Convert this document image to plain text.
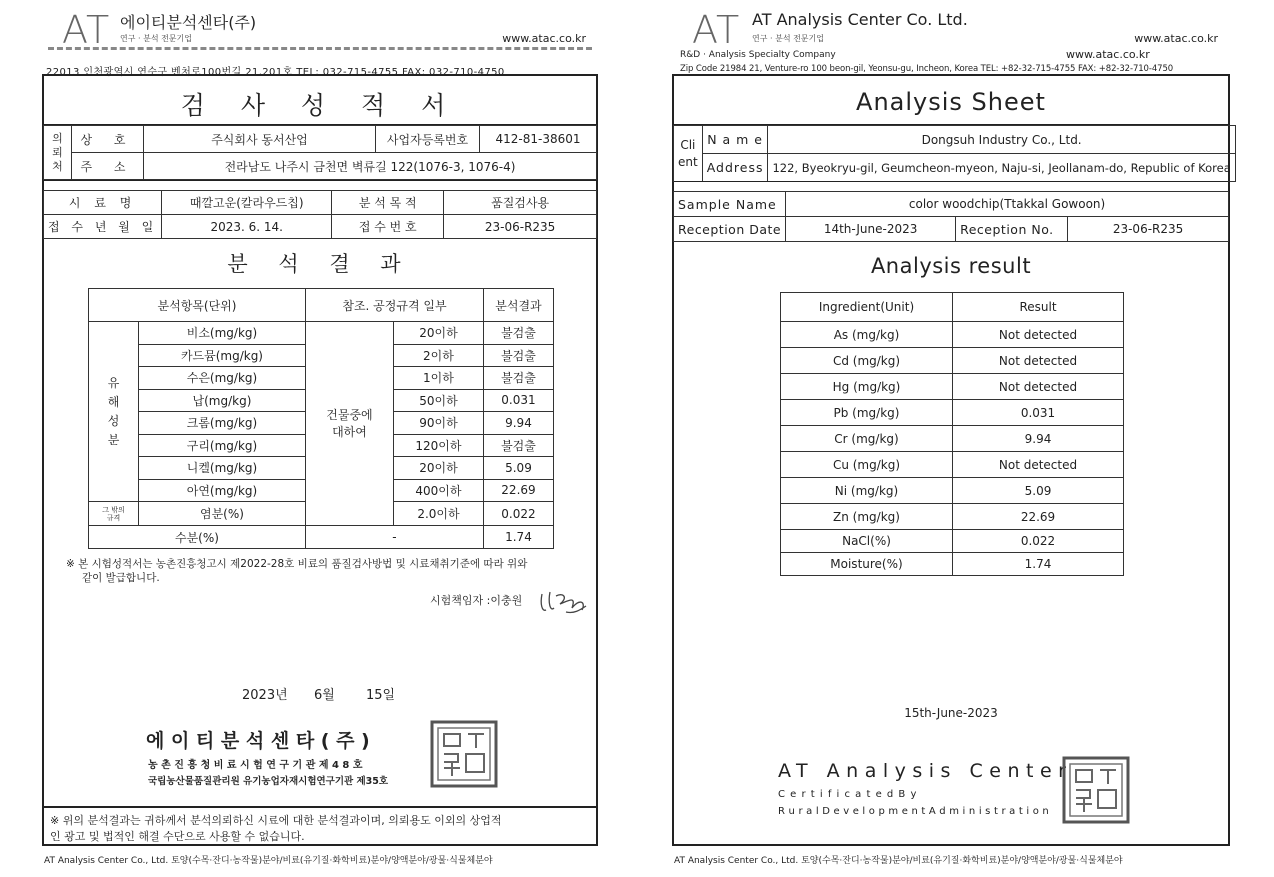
AT 에이티분석센타(주)
연구 · 분석 전문기업	www.atac.co.kr
22013 인천광역시 연수구 벤처로100번길 21,201호 TEL: 032-715-4755 FAX: 032-710-4750
검 사 성 적 서
의뢰처	상 호	주식회사 동서산업	사업자등록번호	412-81-38601
	주 소	전라남도 나주시 금천면 벽류길 122(1076-3, 1076-4)		
시 료 명	때깔고운(칼라우드칩)	분 석 목 적	품질검사용
접 수 년 월 일	2023. 6. 14.	접 수 번 호	23-06-R235
분 석 결 과
분석항목(단위)		참조. 공정규격 일부		분석결과
유 해 성 분	비소(mg/kg)	건물중에 대하여	20이하	불검출
	카드뮴(mg/kg)		2이하	불검출
	수은(mg/kg)		1이하	불검출
	납(mg/kg)		50이하	0.031
	크롬(mg/kg)		90이하	9.94
	구리(mg/kg)		120이하	불검출
	니켈(mg/kg)		20이하	5.09
	아연(mg/kg)		400이하	22.69
그 밖의 규격	염분(%)		2.0이하	0.022
수분(%)		-		1.74
※ 본 시험성적서는 농촌진흥청고시 제2022-28호 비료의 품질검사방법 및 시료채취기준에 따라 위와
같이 발급합니다.
시험책임자 :이충원
2023년 6월 15일
에 이 티 분 석 센 타 ( 주 )
농 촌 진 흥 청 비 료 시 험 연 구 기 관 제 4 8 호
국립농산물품질관리원 유기농업자재시험연구기관 제35호
※ 위의 분석결과는 귀하께서 분석의뢰하신 시료에 대한 분석결과이며, 의뢰용도 이외의 상업적
인 광고 및 법적인 해결 수단으로 사용할 수 없습니다.
AT Analysis Center Co., Ltd. 토양(수목·잔디·농작물)분야/비료(유기질·화학비료)분야/양액분야/광물·식물체분야
AT AT Analysis Center Co. Ltd.
연구 · 분석 전문기업	www.atac.co.kr
R&D · Analysis Specialty Company	www.atac.co.kr
Zip Code 21984 21, Venture-ro 100 beon-gil, Yeonsu-gu, Incheon, Korea TEL: +82-32-715-4755 FAX: +82-32-710-4750
Analysis Sheet
Cli
ent	N a m e	Dongsuh Industry Co., Ltd.
	Address	122, Byeokryu-gil, Geumcheon-myeon, Naju-si, Jeollanam-do, Republic of Korea
Sample Name	color woodchip(Ttakkal Gowoon)		
Reception Date	14th-June-2023	Reception No.	23-06-R235
Analysis result
Ingredient(Unit)	Result
As (mg/kg)	Not detected
Cd (mg/kg)	Not detected
Hg (mg/kg)	Not detected
Pb (mg/kg)	0.031
Cr (mg/kg)	9.94
Cu (mg/kg)	Not detected
Ni (mg/kg)	5.09
Zn (mg/kg)	22.69
NaCl(%)	0.022
Moisture(%)	1.74
15th-June-2023
AT Analysis Center
C e r t i f i c a t e d B y
R u r a l D e v e l o p m e n t A d m i n i s t r a t i o n
AT Analysis Center Co., Ltd. 토양(수목·잔디·농작물)분야/비료(유기질·화학비료)분야/양액분야/광물·식물체분야
